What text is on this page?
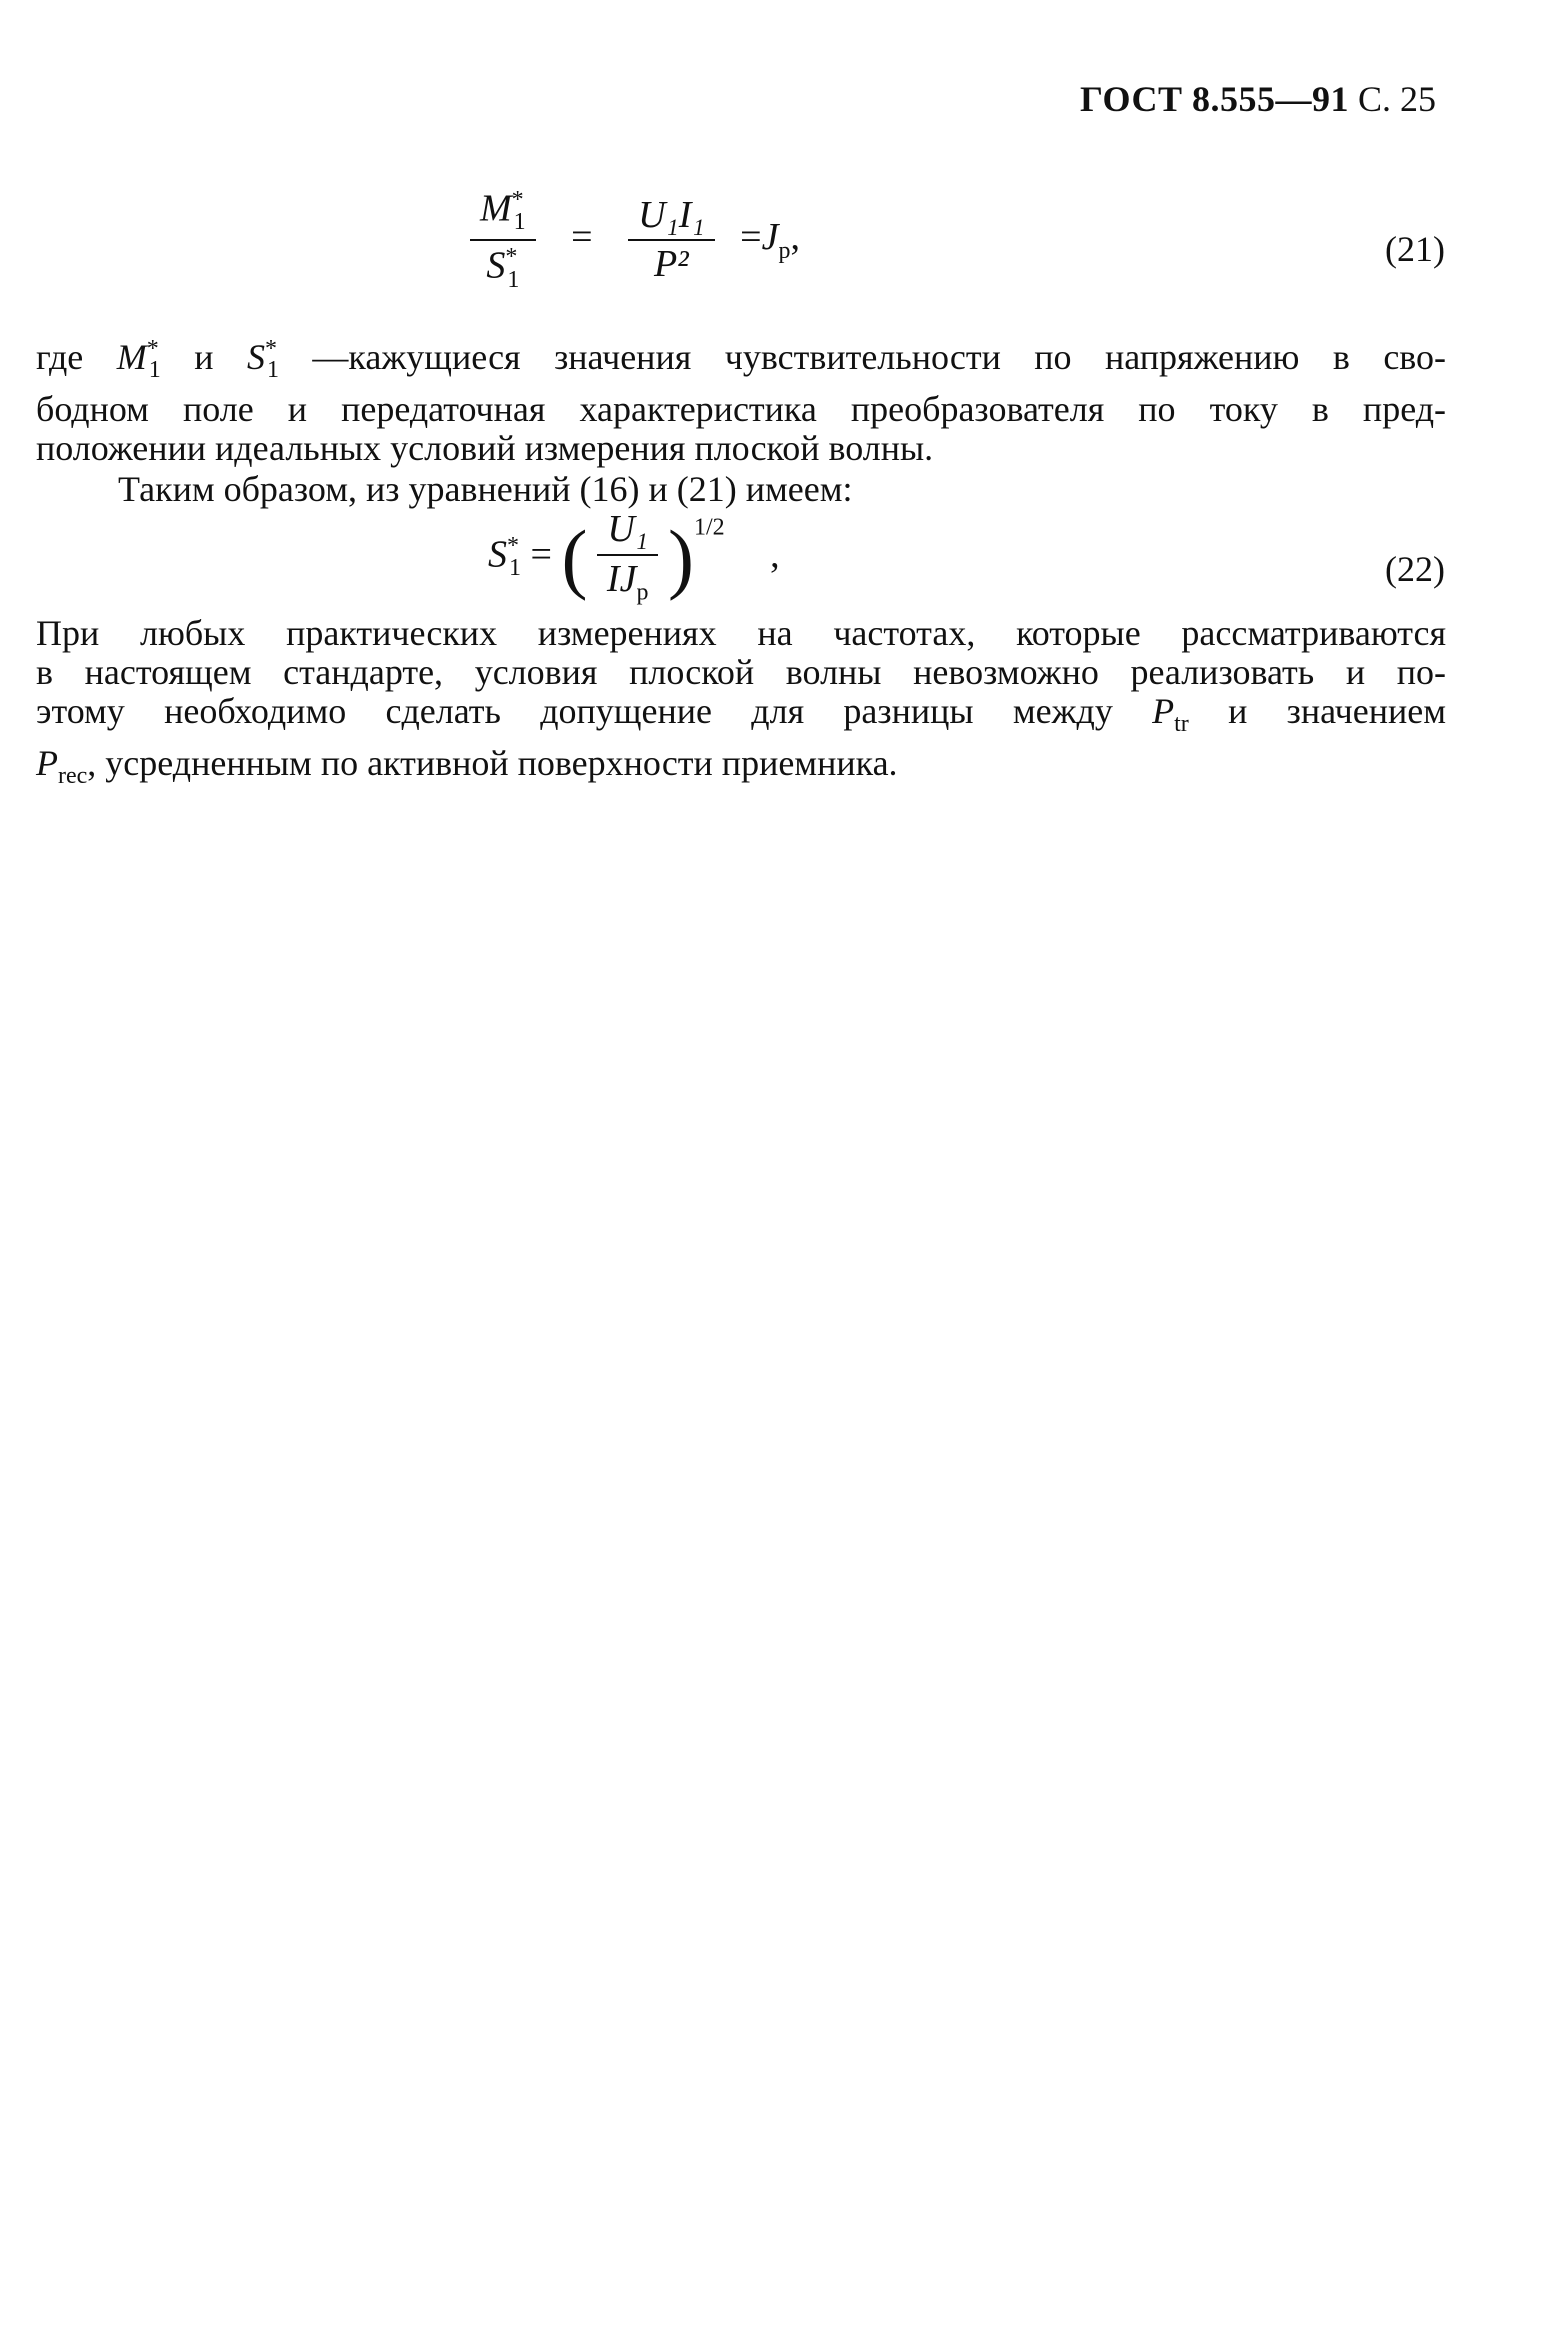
ГОСТ 8.555—91 С. 25
$\frac{M^*_1}{S^*_1} = \frac{\text{U₁I₁}}{\text{P²}} =J_p$,	(21)
где $M^*_1$ и $S^*_1$ —кажущиеся значения чувствительности по напряжению в сво-
бодном поле и передаточная характеристика преобразователя по току в пред-
положении идеальных условий измерения плоской волны.
Таким образом, из уравнений (16) и (21) имеем:
$S^*_1$ = ( $\frac{\text{U₁}}{IJ_p} )^{1/2}$ ,	(22)
При любых практических измерениях на частотах, которые рассматриваются
в настоящем стандарте, условия плоской волны невозможно реализовать и по-
этому необходимо сделать допущение для разницы между $P_{tr}$ и значением
$P_{rec}$, усредненным по активной поверхности приемника.
